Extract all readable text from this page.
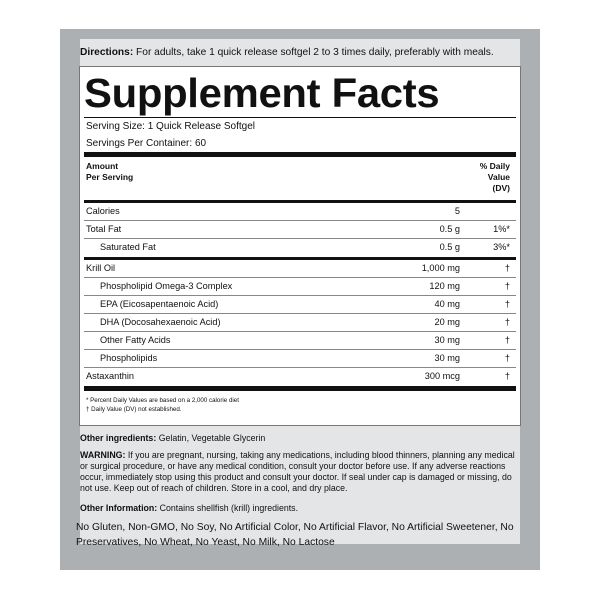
Directions: For adults, take 1 quick release softgel 2 to 3 times daily, preferably with meals.
Supplement Facts
Serving Size: 1 Quick Release Softgel
Servings Per Container: 60
Amount
Per Serving
% Daily
Value
(DV)
Calories	5
Total Fat	0.5 g	1%*
Saturated Fat	0.5 g	3%*
Krill Oil	1,000 mg	†
Phospholipid Omega-3 Complex	120 mg	†
EPA (Eicosapentaenoic Acid)	40 mg	†
DHA (Docosahexaenoic Acid)	20 mg	†
Other Fatty Acids	30 mg	†
Phospholipids	30 mg	†
Astaxanthin	300 mcg	†
* Percent Daily Values are based on a 2,000 calorie diet
† Daily Value (DV) not established.
Other ingredients: Gelatin, Vegetable Glycerin
WARNING: If you are pregnant, nursing, taking any medications, including blood thinners, planning any medical or surgical procedure, or have any medical condition, consult your doctor before use. If any adverse reactions occur, immediately stop using this product and consult your doctor. If seal under cap is damaged or missing, do not use. Keep out of reach of children. Store in a cool, and dry place.
Other Information: Contains shellfish (krill) ingredients.
No Gluten, Non-GMO, No Soy, No Artificial Color, No Artificial Flavor, No Artificial Sweetener, No Preservatives, No Wheat, No Yeast, No Milk, No Lactose
